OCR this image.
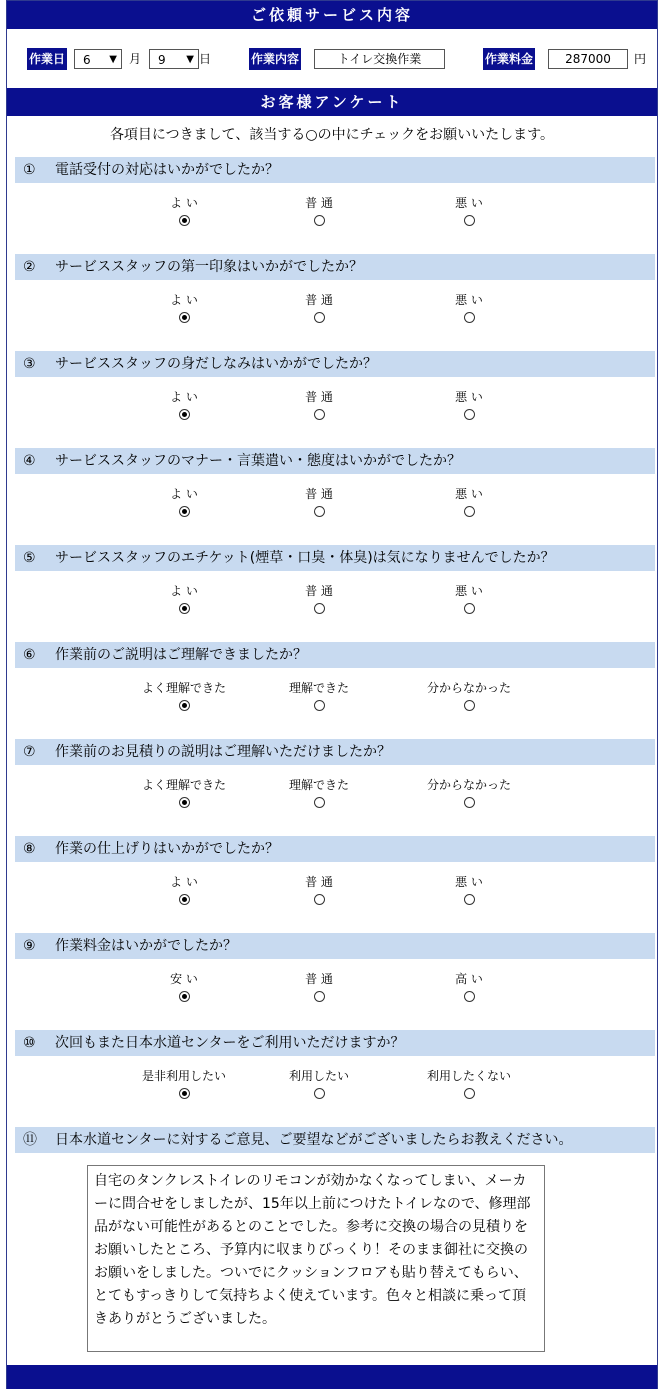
ご依頼サービス内容
作業日 6 ▼ 月 9 ▼ 日	作業内容	トイレ交換作業	作業料金	287000	円
お客様アンケート
各項目につきまして、該当する○の中にチェックをお願いいたします。
① 電話受付の対応はいかがでしたか？
よ い	普 通	悪 い
② サービススタッフの第一印象はいかがでしたか？
よ い	普 通	悪 い
③ サービススタッフの身だしなみはいかがでしたか？
よ い	普 通	悪 い
④ サービススタッフのマナー・言葉遣い・態度はいかがでしたか？
よ い	普 通	悪 い
⑤ サービススタッフのエチケット(煙草・口臭・体臭)は気になりませんでしたか？
よ い	普 通	悪 い
⑥ 作業前のご説明はご理解できましたか？
よく理解できた	理解できた	分からなかった
⑦ 作業前のお見積りの説明はご理解いただけましたか？
よく理解できた	理解できた	分からなかった
⑧ 作業の仕上げりはいかがでしたか？
よ い	普 通	悪 い
⑨ 作業料金はいかがでしたか？
安 い	普 通	高 い
⑩ 次回もまた日本水道センターをご利用いただけますか？
是非利用したい	利用したい	利用したくない
⑪ 日本水道センターに対するご意見、ご要望などがございましたらお教えください。
自宅のタンクレストイレのリモコンが効かなくなってしまい、メーカーに問合せをしましたが、15年以上前につけたトイレなので、修理部品がない可能性があるとのことでした。参考に交換の場合の見積りをお願いしたところ、予算内に収まりびっくり！そのまま御社に交換のお願いをしました。ついでにクッションフロアも貼り替えてもらい、とてもすっきりして気持ちよく使えています。色々と相談に乗って頂きありがとうございました。
